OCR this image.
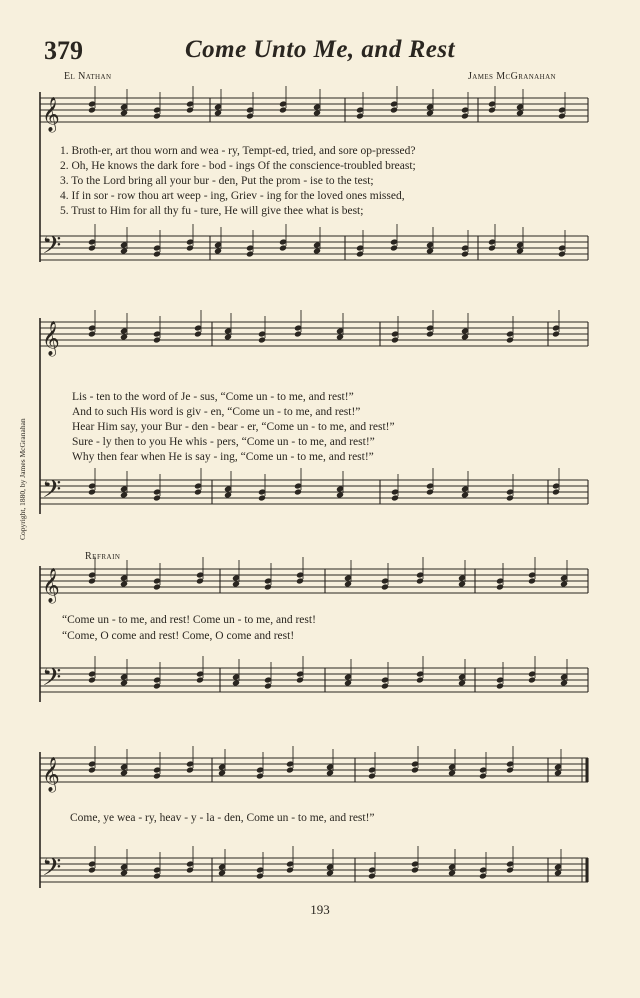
379	Come Unto Me, and Rest
El Nathan	James McGranahan
Copyright, 1880, by James McGranahan
𝄞
𝄢
𝄞
𝄢
𝄞
𝄢
𝄞
𝄢
1. Broth-er, art thou worn and wea - ry, Tempt-ed, tried, and sore op-pressed?
2. Oh, He knows the dark fore - bod - ings Of the conscience-troubled breast;
3. To the Lord bring all your bur - den, Put the prom - ise to the test;
4. If in sor - row thou art weep - ing, Griev - ing for the loved ones missed,
5. Trust to Him for all thy fu - ture, He will give thee what is best;
Lis - ten to the word of Je - sus, “Come un - to me, and rest!”
And to such His word is giv - en, “Come un - to me, and rest!”
Hear Him say, your Bur - den - bear - er, “Come un - to me, and rest!”
Sure - ly then to you He whis - pers, “Come un - to me, and rest!”
Why then fear when He is say - ing, “Come un - to me, and rest!”
Refrain
“Come un - to me, and rest! Come un - to me, and rest!
“Come, O come and rest! Come, O come and rest!
Come, ye wea - ry, heav - y - la - den, Come un - to me, and rest!”
193
